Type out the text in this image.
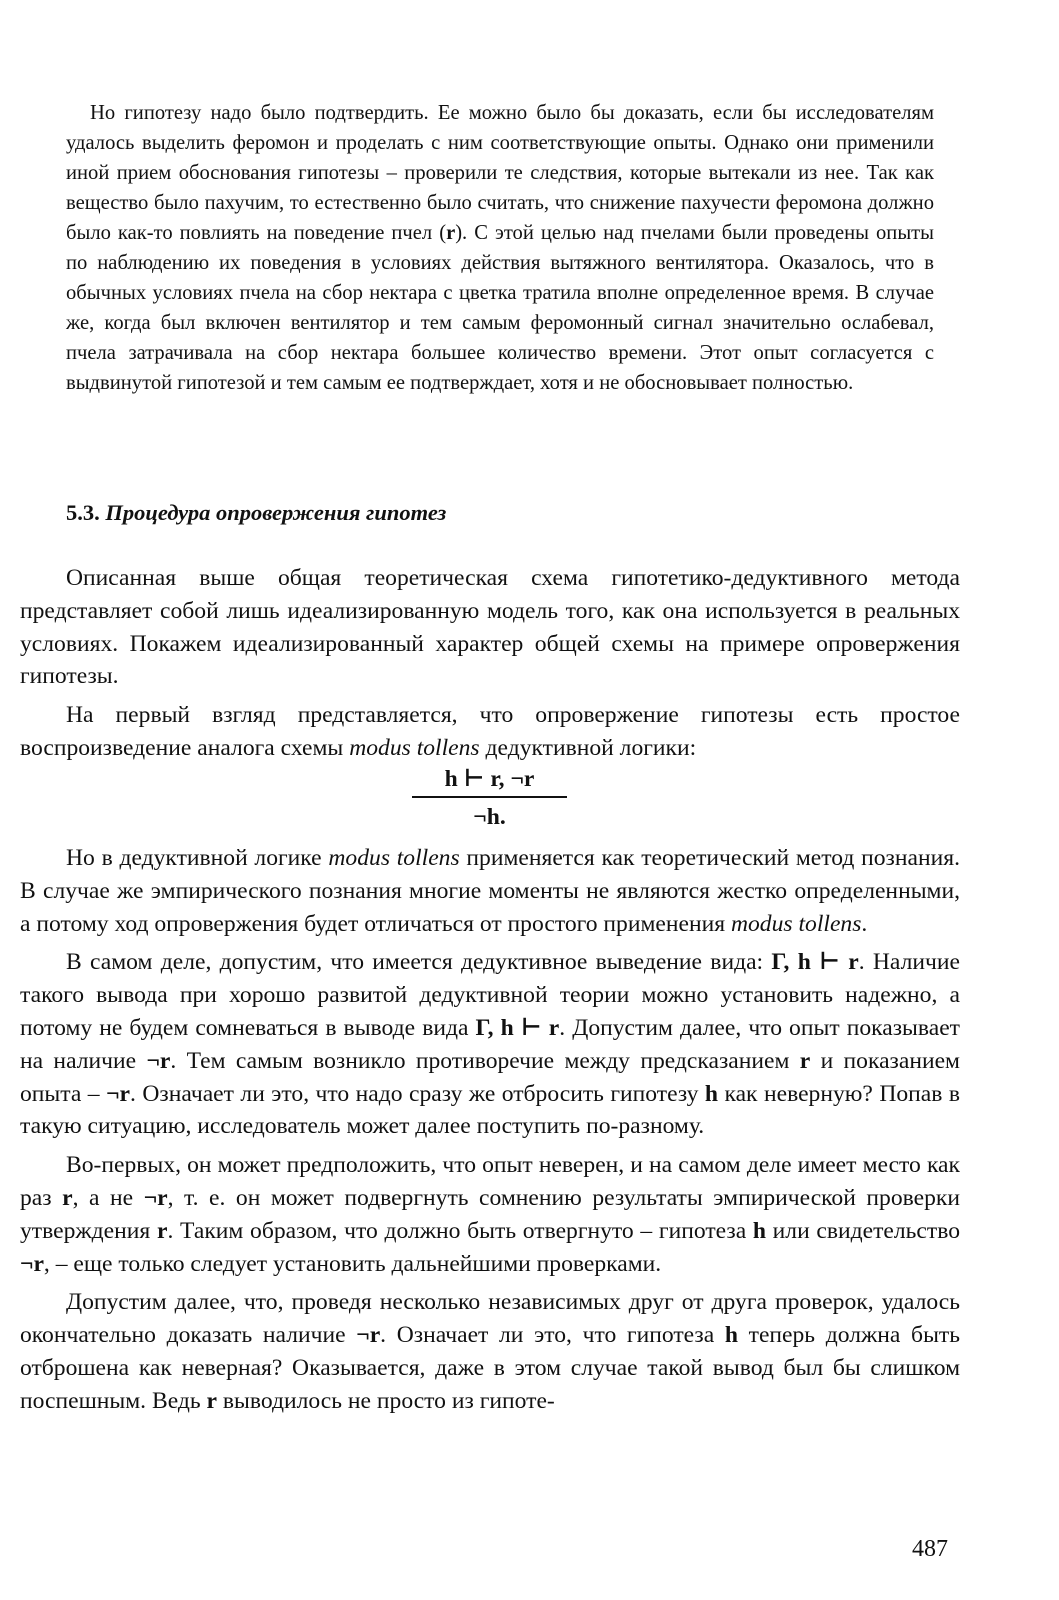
Но гипотезу надо было подтвердить. Ее можно было бы доказать, если бы исследователям удалось выделить феромон и проделать с ним соответствующие опыты. Однако они применили иной прием обоснования гипотезы – проверили те следствия, которые вытекали из нее. Так как вещество было пахучим, то естественно было считать, что снижение пахучести феромона должно было как-то повлиять на поведение пчел (r). С этой целью над пчелами были проведены опыты по наблюдению их поведения в условиях действия вытяжного вентилятора. Оказалось, что в обычных условиях пчела на сбор нектара с цветка тратила вполне определенное время. В случае же, когда был включен вентилятор и тем самым феромонный сигнал значительно ослабевал, пчела затрачивала на сбор нектара большее количество времени. Этот опыт согласуется с выдвинутой гипотезой и тем самым ее подтверждает, хотя и не обосновывает полностью.

5.3. Процедура опровержения гипотез

Описанная выше общая теоретическая схема гипотетико-дедуктивного метода представляет собой лишь идеализированную модель того, как она используется в реальных условиях. Покажем идеализированный характер общей схемы на примере опровержения гипотезы.

На первый взгляд представляется, что опровержение гипотезы есть простое воспроизведение аналога схемы modus tollens дедуктивной логики:

h ⊢ r, ¬r
¬h.

Но в дедуктивной логике modus tollens применяется как теоретический метод познания. В случае же эмпирического познания многие моменты не являются жестко определенными, а потому ход опровержения будет отличаться от простого применения modus tollens.

В самом деле, допустим, что имеется дедуктивное выведение вида: Γ, h ⊢ r. Наличие такого вывода при хорошо развитой дедуктивной теории можно установить надежно, а потому не будем сомневаться в выводе вида Γ, h ⊢ r. Допустим далее, что опыт показывает на наличие ¬r. Тем самым возникло противоречие между предсказанием r и показанием опыта – ¬r. Означает ли это, что надо сразу же отбросить гипотезу h как неверную? Попав в такую ситуацию, исследователь может далее поступить по-разному.

Во-первых, он может предположить, что опыт неверен, и на самом деле имеет место как раз r, а не ¬r, т. е. он может подвергнуть сомнению результаты эмпирической проверки утверждения r. Таким образом, что должно быть отвергнуто – гипотеза h или свидетельство ¬r, – еще только следует установить дальнейшими проверками.

Допустим далее, что, проведя несколько независимых друг от друга проверок, удалось окончательно доказать наличие ¬r. Означает ли это, что гипотеза h теперь должна быть отброшена как неверная? Оказывается, даже в этом случае такой вывод был бы слишком поспешным. Ведь r выводилось не просто из гипоте-

487
